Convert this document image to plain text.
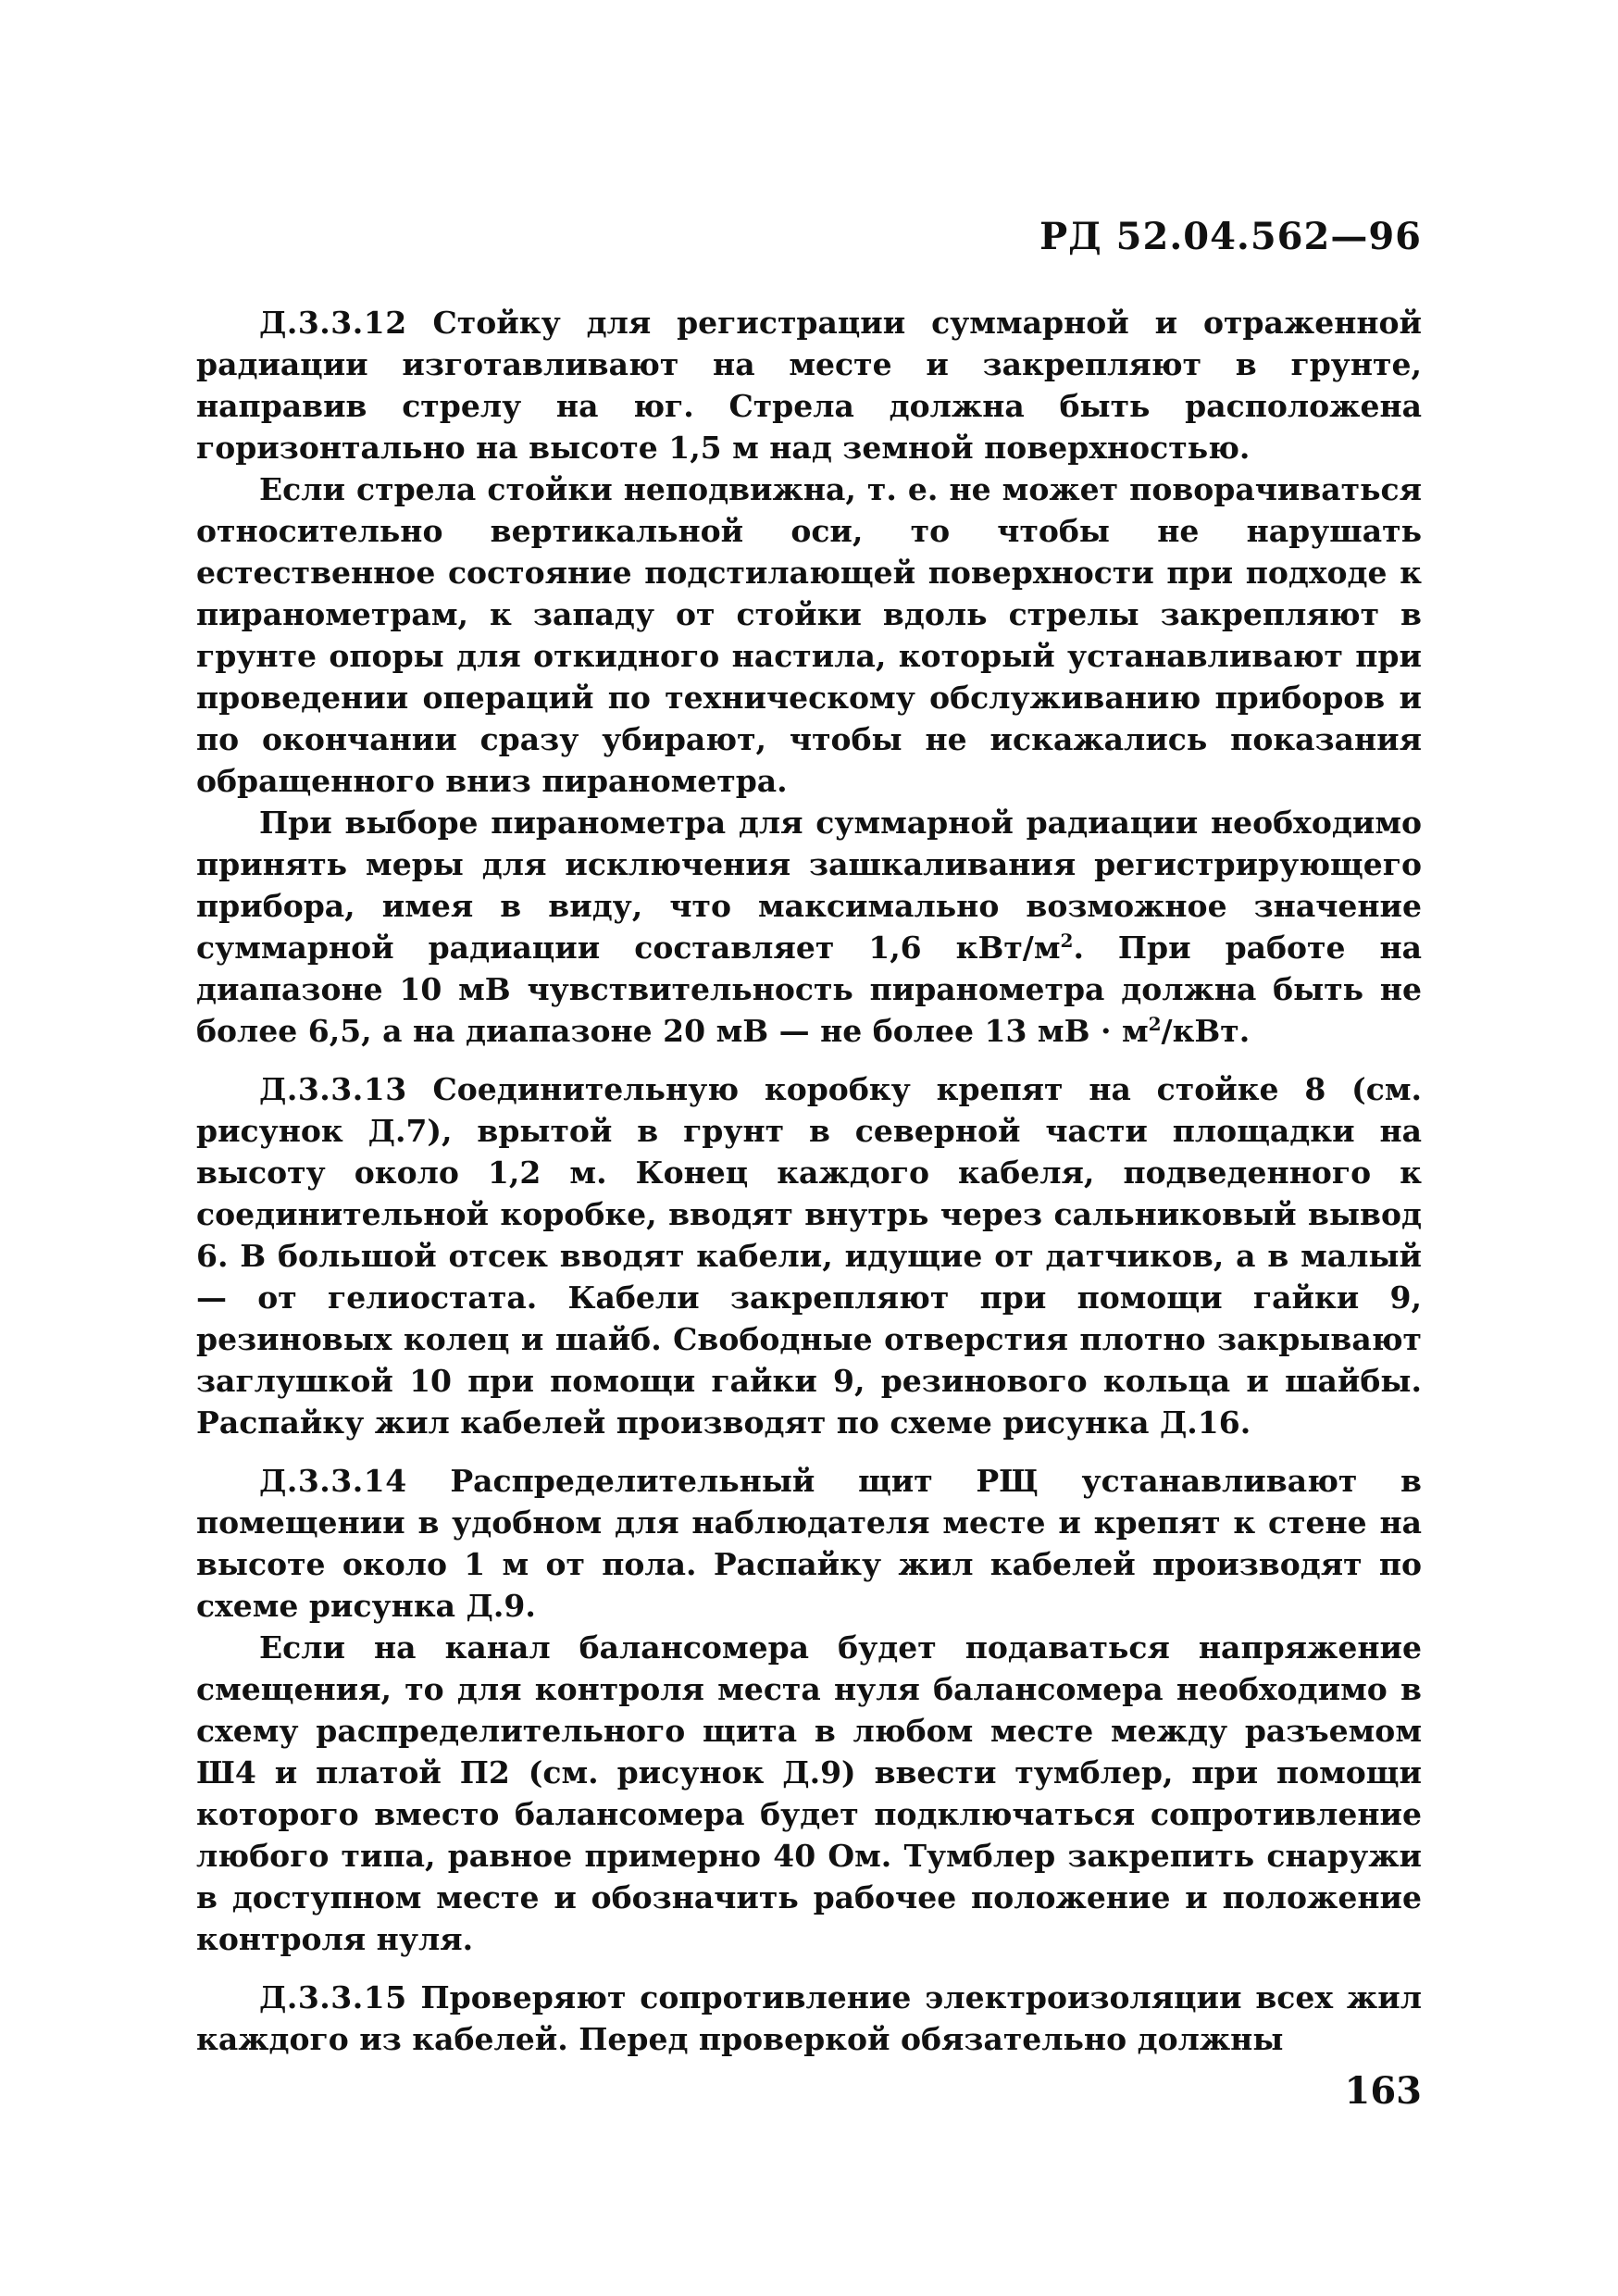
РД 52.04.562—96

Д.3.3.12 Стойку для регистрации суммарной и отраженной радиации изготавливают на месте и закрепляют в грунте, направив стрелу на юг. Стрела должна быть расположена горизонтально на высоте 1,5 м над земной поверхностью.

Если стрела стойки неподвижна, т. е. не может поворачиваться относительно вертикальной оси, то чтобы не нарушать естественное состояние подстилающей поверхности при подходе к пиранометрам, к западу от стойки вдоль стрелы закрепляют в грунте опоры для откидного настила, который устанавливают при проведении операций по техническому обслуживанию приборов и по окончании сразу убирают, чтобы не искажались показания обращенного вниз пиранометра.

При выборе пиранометра для суммарной радиации необходимо принять меры для исключения зашкаливания регистрирующего прибора, имея в виду, что максимально возможное значение суммарной радиации составляет 1,6 кВт/$м^2$. При работе на диапазоне 10 мВ чувствительность пиранометра должна быть не более 6,5, а на диапазоне 20 мВ — не более 13 мВ · $м^2$/кВт.

Д.3.3.13 Соединительную коробку крепят на стойке 8 (см. рисунок Д.7), врытой в грунт в северной части площадки на высоту около 1,2 м. Конец каждого кабеля, подведенного к соединительной коробке, вводят внутрь через сальниковый вывод 6. В большой отсек вводят кабели, идущие от датчиков, а в малый — от гелиостата. Кабели закрепляют при помощи гайки 9, резиновых колец и шайб. Свободные отверстия плотно закрывают заглушкой 10 при помощи гайки 9, резинового кольца и шайбы. Распайку жил кабелей производят по схеме рисунка Д.16.

Д.3.3.14 Распределительный щит РЩ устанавливают в помещении в удобном для наблюдателя месте и крепят к стене на высоте около 1 м от пола. Распайку жил кабелей производят по схеме рисунка Д.9.

Если на канал балансомера будет подаваться напряжение смещения, то для контроля места нуля балансомера необходимо в схему распределительного щита в любом месте между разъемом Ш4 и платой П2 (см. рисунок Д.9) ввести тумблер, при помощи которого вместо балансомера будет подключаться сопротивление любого типа, равное примерно 40 Ом. Тумблер закрепить снаружи в доступном месте и обозначить рабочее положение и положение контроля нуля.

Д.3.3.15 Проверяют сопротивление электроизоляции всех жил каждого из кабелей. Перед проверкой обязательно должны

163
